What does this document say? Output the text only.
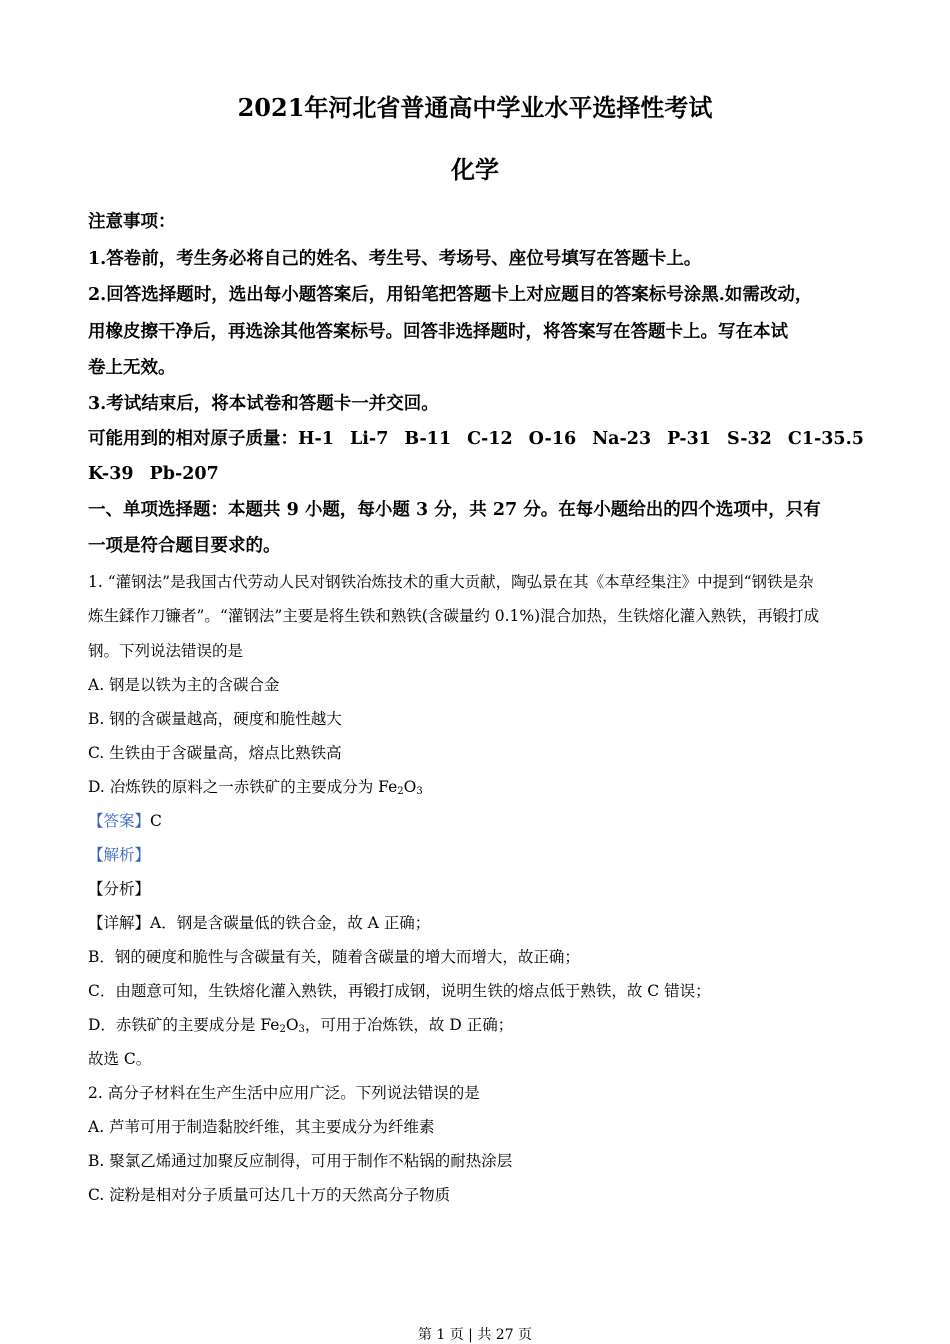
2021年河北省普通高中学业水平选择性考试
化学
注意事项：
1.答卷前，考生务必将自己的姓名、考生号、考场号、座位号填写在答题卡上。
2.回答选择题时，选出每小题答案后，用铅笔把答题卡上对应题目的答案标号涂黑.如需改动，
用橡皮擦干净后，再选涂其他答案标号。回答非选择题时，将答案写在答题卡上。写在本试
卷上无效。
3.考试结束后，将本试卷和答题卡一并交回。
可能用到的相对原子质量：H-1 Li-7 B-11 C-12 O-16 Na-23 P-31 S-32 C1-35.5
K-39 Pb-207
一、单项选择题：本题共 9 小题，每小题 3 分，共 27 分。在每小题给出的四个选项中，只有
一项是符合题目要求的。
1. “灌钢法”是我国古代劳动人民对钢铁冶炼技术的重大贡献，陶弘景在其《本草经集注》中提到“钢铁是杂
炼生鍒作刀镰者”。“灌钢法”主要是将生铁和熟铁(含碳量约 0.1%)混合加热，生铁熔化灌入熟铁，再锻打成
钢。下列说法错误的是
A. 钢是以铁为主的含碳合金
B. 钢的含碳量越高，硬度和脆性越大
C. 生铁由于含碳量高，熔点比熟铁高
D. 冶炼铁的原料之一赤铁矿的主要成分为 $Fe_2O_3$
【答案】C
【解析】
【分析】
【详解】A．钢是含碳量低的铁合金，故 A 正确；
B．钢的硬度和脆性与含碳量有关，随着含碳量的增大而增大，故正确；
C．由题意可知，生铁熔化灌入熟铁，再锻打成钢，说明生铁的熔点低于熟铁，故 C 错误；
D．赤铁矿的主要成分是 $Fe_2O_3$，可用于冶炼铁，故 D 正确；
故选 C。
2. 高分子材料在生产生活中应用广泛。下列说法错误的是
A. 芦苇可用于制造黏胶纤维，其主要成分为纤维素
B. 聚氯乙烯通过加聚反应制得，可用于制作不粘锅的耐热涂层
C. 淀粉是相对分子质量可达几十万的天然高分子物质
第 1 页 | 共 27 页
